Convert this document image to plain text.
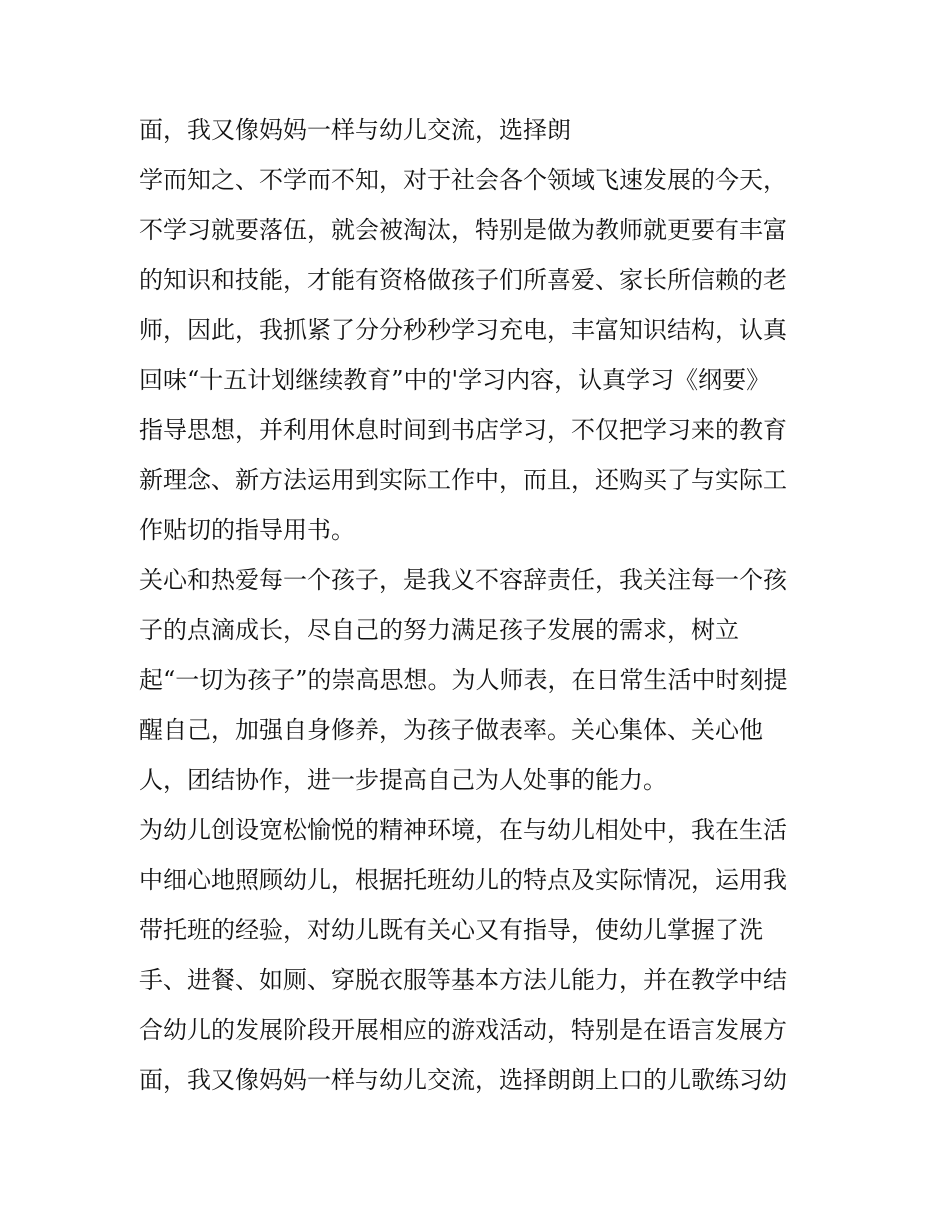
面，我又像妈妈一样与幼儿交流，选择朗
学而知之、不学而不知，对于社会各个领域飞速发展的今天，
不学习就要落伍，就会被淘汰，特别是做为教师就更要有丰富
的知识和技能，才能有资格做孩子们所喜爱、家长所信赖的老
师，因此，我抓紧了分分秒秒学习充电，丰富知识结构，认真
回味“十五计划继续教育”中的'学习内容，认真学习《纲要》
指导思想，并利用休息时间到书店学习，不仅把学习来的教育
新理念、新方法运用到实际工作中，而且，还购买了与实际工
作贴切的指导用书。
关心和热爱每一个孩子，是我义不容辞责任，我关注每一个孩
子的点滴成长，尽自己的努力满足孩子发展的需求，树立
起“一切为孩子”的崇高思想。为人师表，在日常生活中时刻提
醒自己，加强自身修养，为孩子做表率。关心集体、关心他
人，团结协作，进一步提高自己为人处事的能力。
为幼儿创设宽松愉悦的精神环境，在与幼儿相处中，我在生活
中细心地照顾幼儿，根据托班幼儿的特点及实际情况，运用我
带托班的经验，对幼儿既有关心又有指导，使幼儿掌握了洗
手、进餐、如厕、穿脱衣服等基本方法儿能力，并在教学中结
合幼儿的发展阶段开展相应的游戏活动，特别是在语言发展方
面，我又像妈妈一样与幼儿交流，选择朗朗上口的儿歌练习幼
